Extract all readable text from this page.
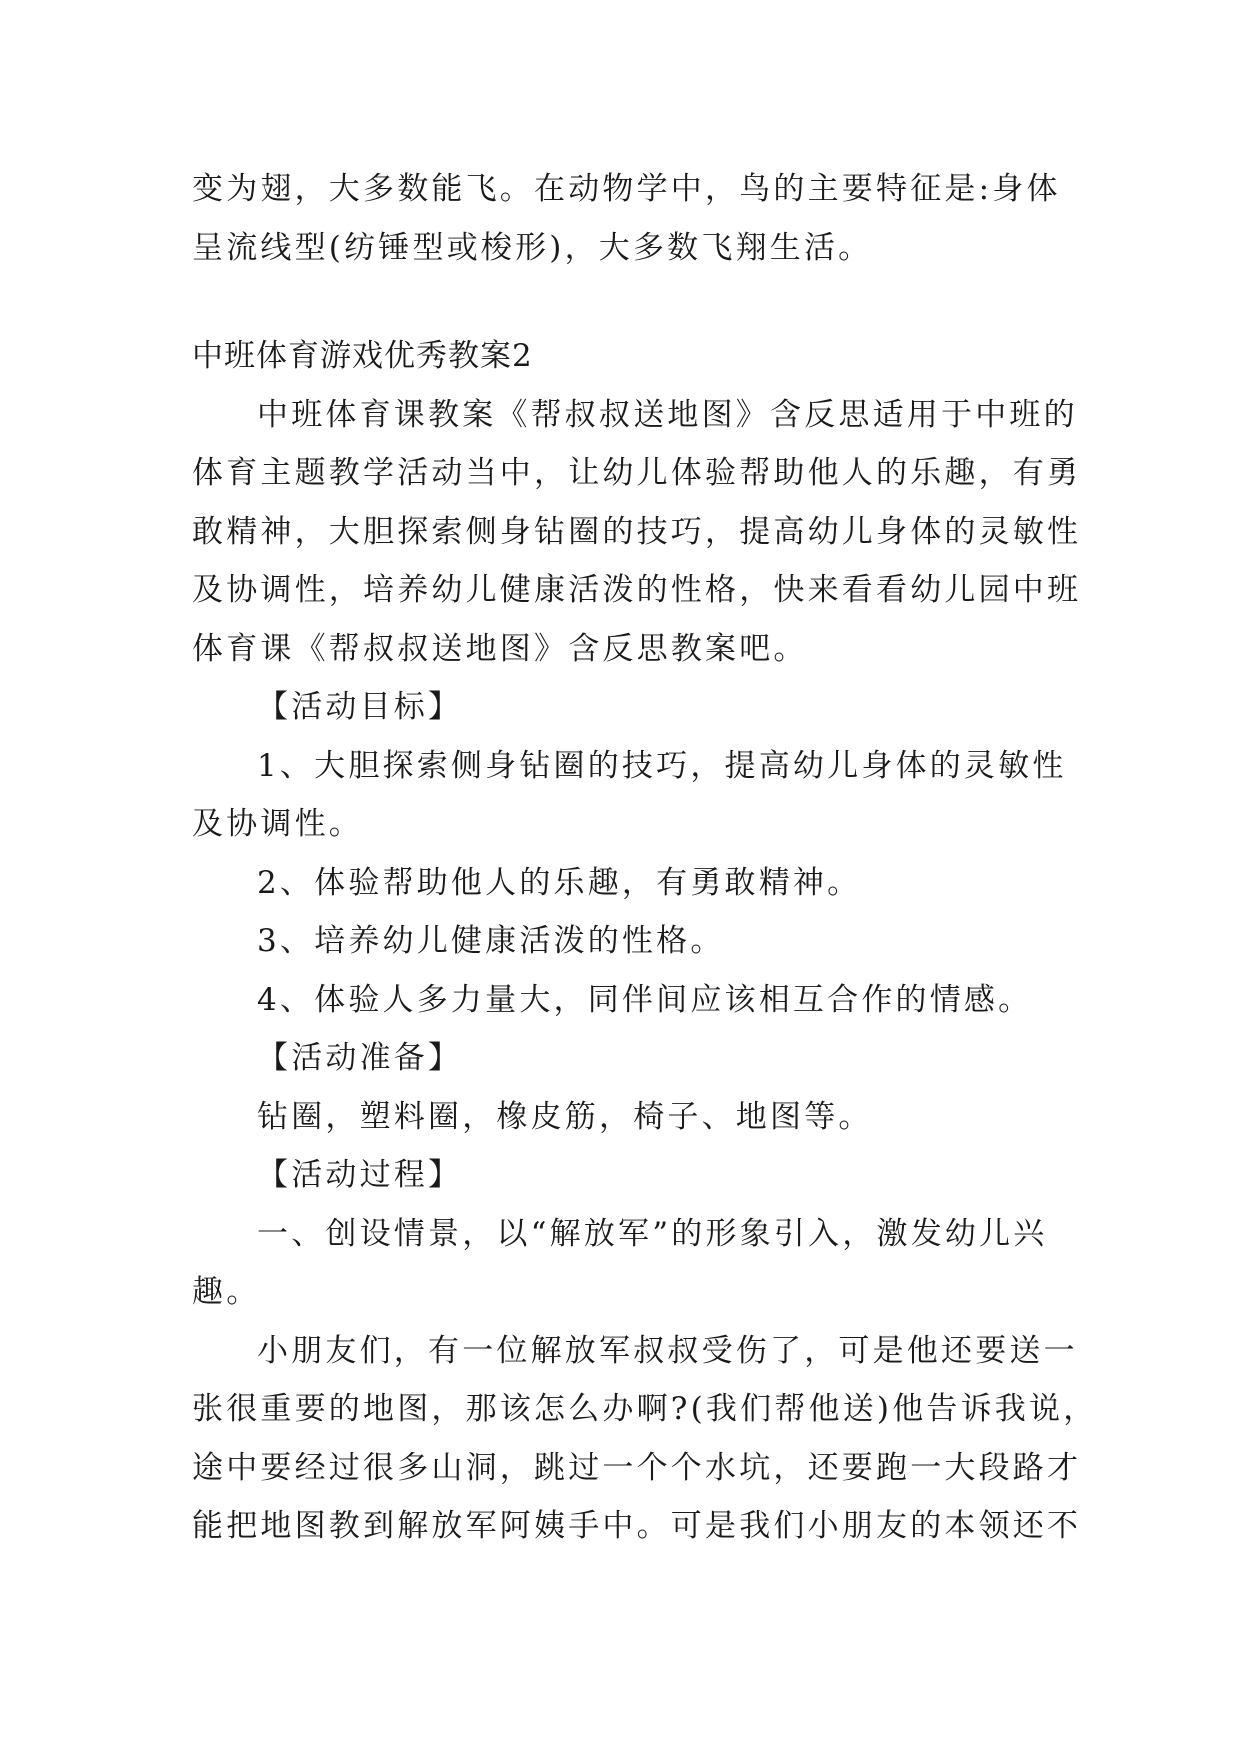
变为翅，大多数能飞。在动物学中，鸟的主要特征是:身体

呈流线型(纺锤型或梭形)，大多数飞翔生活。

中班体育游戏优秀教案2

中班体育课教案《帮叔叔送地图》含反思适用于中班的

体育主题教学活动当中，让幼儿体验帮助他人的乐趣，有勇

敢精神，大胆探索侧身钻圈的技巧，提高幼儿身体的灵敏性

及协调性，培养幼儿健康活泼的性格，快来看看幼儿园中班

体育课《帮叔叔送地图》含反思教案吧。

【活动目标】

1、大胆探索侧身钻圈的技巧，提高幼儿身体的灵敏性

及协调性。

2、体验帮助他人的乐趣，有勇敢精神。

3、培养幼儿健康活泼的性格。

4、体验人多力量大，同伴间应该相互合作的情感。

【活动准备】

钻圈，塑料圈，橡皮筋，椅子、地图等。

【活动过程】

一、创设情景，以“解放军”的形象引入，激发幼儿兴

趣。

小朋友们，有一位解放军叔叔受伤了，可是他还要送一

张很重要的地图，那该怎么办啊?(我们帮他送)他告诉我说，

途中要经过很多山洞，跳过一个个水坑，还要跑一大段路才

能把地图教到解放军阿姨手中。可是我们小朋友的本领还不
